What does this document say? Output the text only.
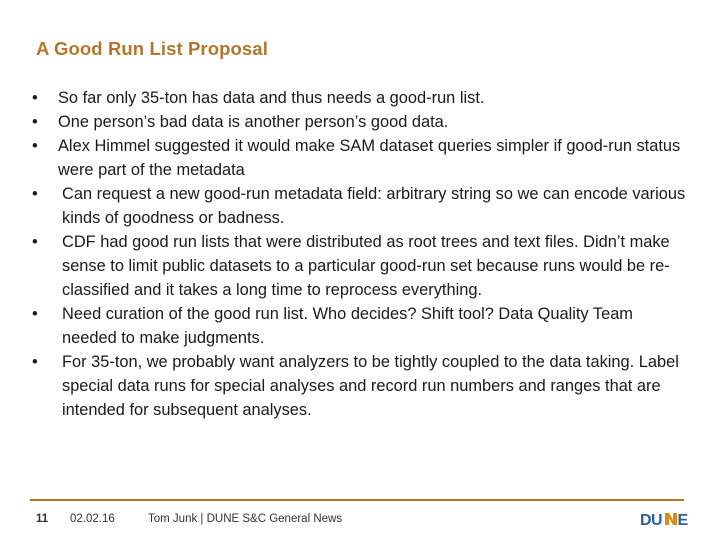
A Good Run List Proposal
•	So far only 35-ton has data and thus needs a good-run list.
•	One person’s bad data is another person’s good data.
•	Alex Himmel suggested it would make SAM dataset queries simpler if good-run status were part of the metadata
•	Can request a new good-run metadata field: arbitrary string so we can encode various kinds of goodness or badness.
•	CDF had good run lists that were distributed as root trees and text files. Didn’t make sense to limit public datasets to a particular good-run set because runs would be re-classified and it takes a long time to reprocess everything.
•	Need curation of the good run list. Who decides? Shift tool? Data Quality Team needed to make judgments.
•	For 35-ton, we probably want analyzers to be tightly coupled to the data taking. Label special data runs for special analyses and record run numbers and ranges that are intended for subsequent analyses.
11 02.02.16	Tom Junk | DUNE S&C General News	DU E
